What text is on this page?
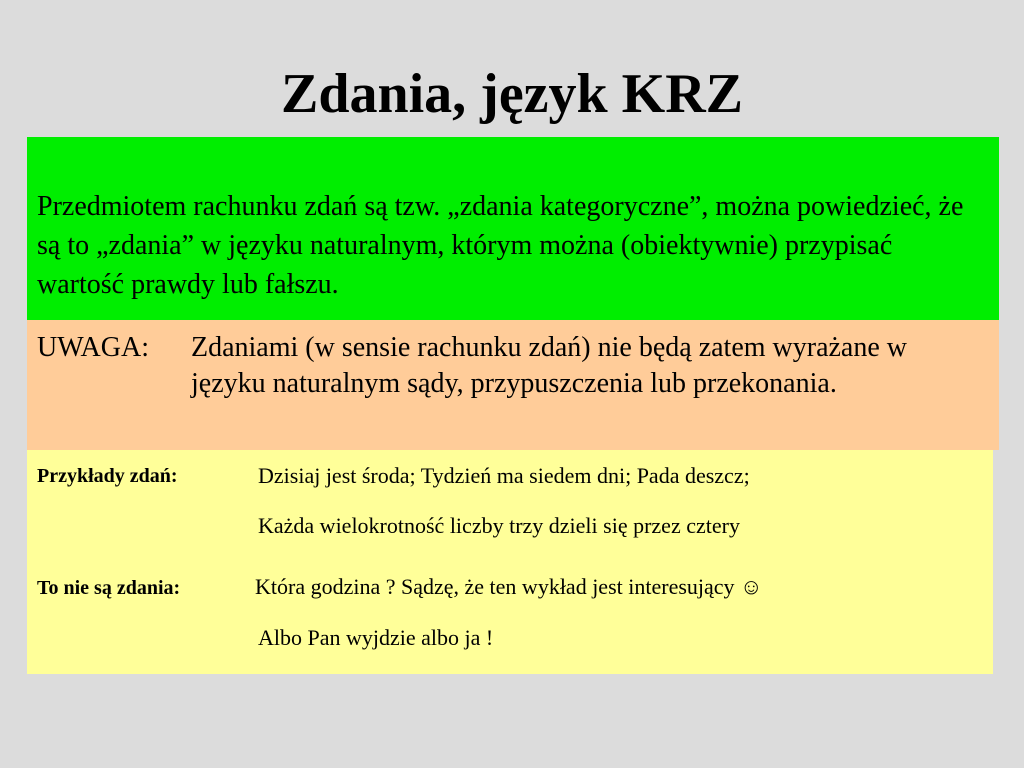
Zdania, język KRZ
Przedmiotem rachunku zdań są tzw. „zdania kategoryczne”, można powiedzieć, że są to „zdania” w języku naturalnym, którym można (obiektywnie) przypisać wartość prawdy lub fałszu.
UWAGA: Zdaniami (w sensie rachunku zdań) nie będą zatem wyrażane w języku naturalnym sądy, przypuszczenia lub przekonania.
Przykłady zdań:	Dzisiaj jest środa; Tydzień ma siedem dni; Pada deszcz;
Każda wielokrotność liczby trzy dzieli się przez cztery
To nie są zdania:	Która godzina ? Sądzę, że ten wykład jest interesujący ☺
Albo Pan wyjdzie albo ja !
